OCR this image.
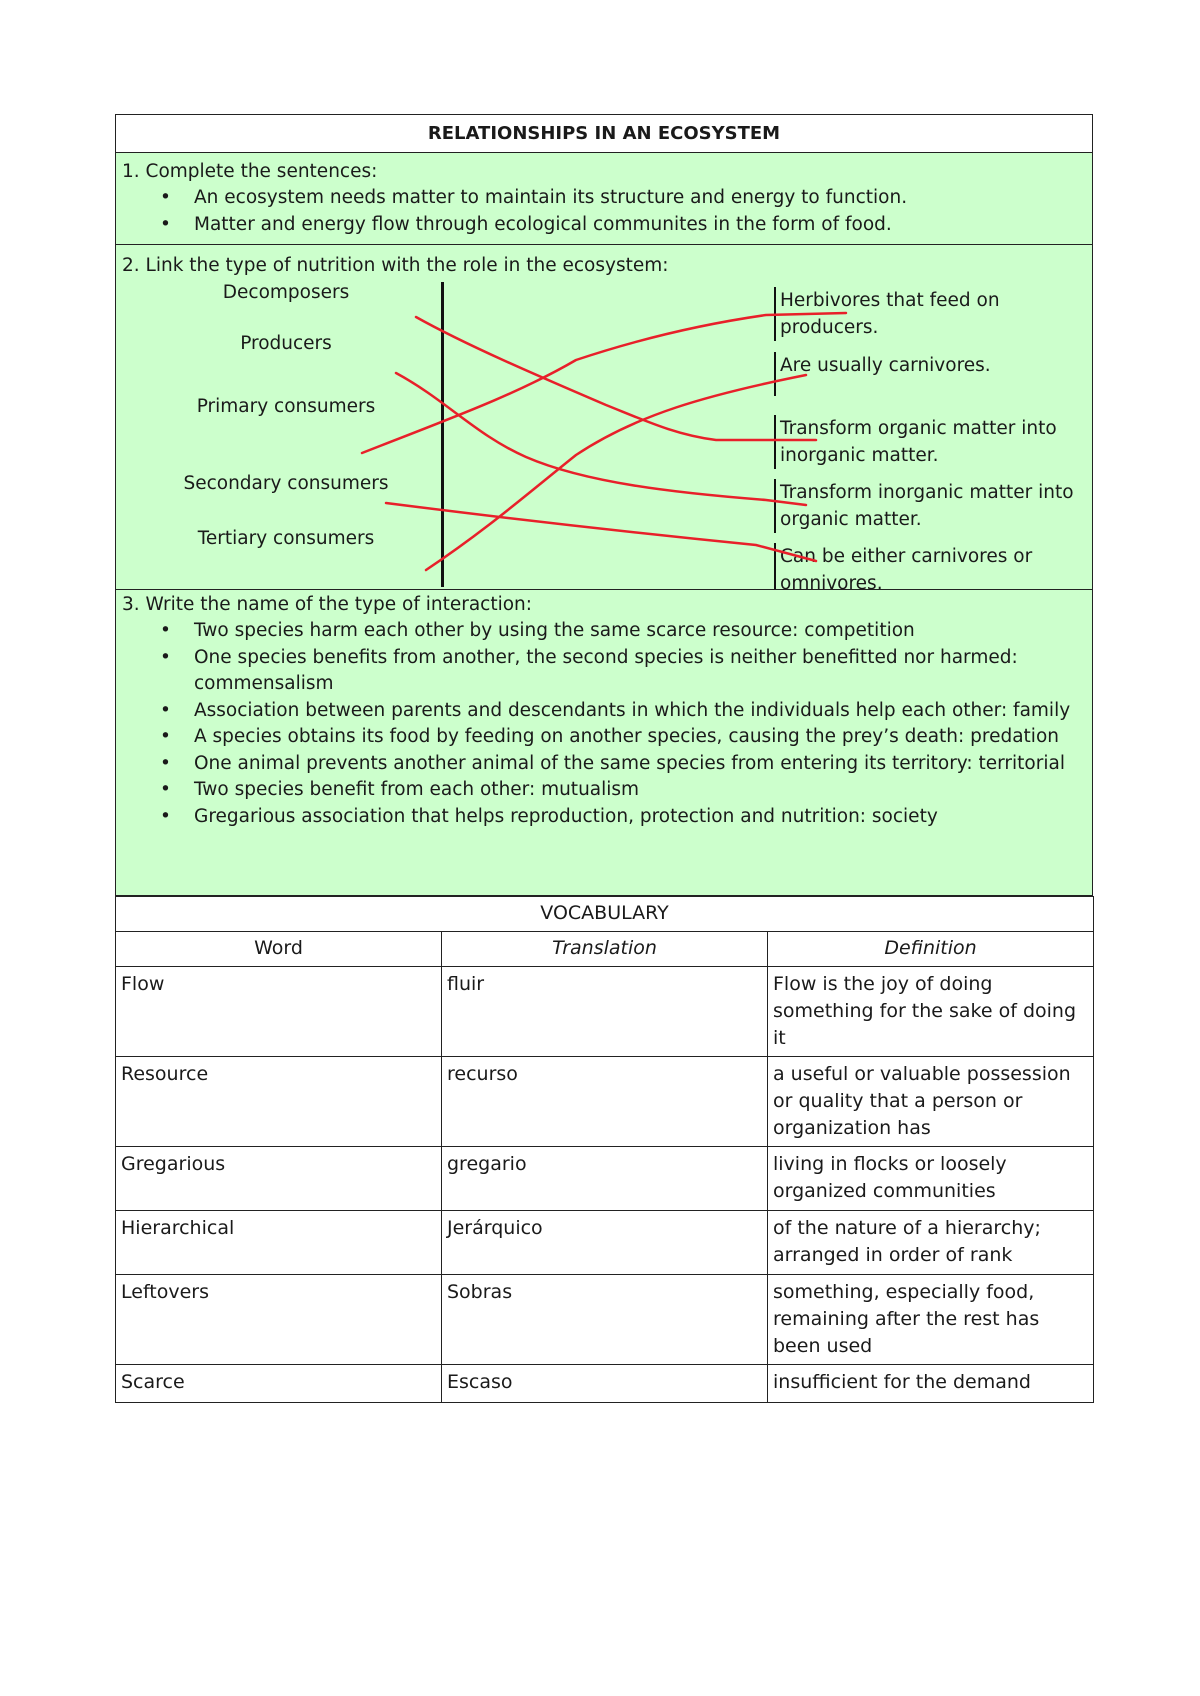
RELATIONSHIPS IN AN ECOSYSTEM

1. Complete the sentences:

• An ecosystem needs matter to maintain its structure and energy to function.
• Matter and energy flow through ecological communites in the form of food.
2. Link the type of nutrition with the role in the ecosystem:
Decomposers
Producers
Primary consumers
Secondary consumers
Tertiary consumers
Herbivores that feed on producers.
Are usually carnivores.
Transform organic matter into inorganic matter.
Transform inorganic matter into organic matter.
Can be either carnivores or omnivores.

3. Write the name of the type of interaction:

• Two species harm each other by using the same scarce resource: competition
• One species benefits from another, the second species is neither benefitted nor harmed: commensalism
• Association between parents and descendants in which the individuals help each other: family
• A species obtains its food by feeding on another species, causing the prey’s death: predation
• One animal prevents another animal of the same species from entering its territory: territorial
• Two species benefit from each other: mutualism
• Gregarious association that helps reproduction, protection and nutrition: society
VOCABULARY		
Word	Translation	Definition
Flow	fluir	Flow is the joy of doing something for the sake of doing it
Resource	recurso	a useful or valuable possession or quality that a person or organization has
Gregarious	gregario	living in flocks or loosely organized communities
Hierarchical	Jerárquico	of the nature of a hierarchy; arranged in order of rank
Leftovers	Sobras	something, especially food, remaining after the rest has been used
Scarce	Escaso	insufficient for the demand
